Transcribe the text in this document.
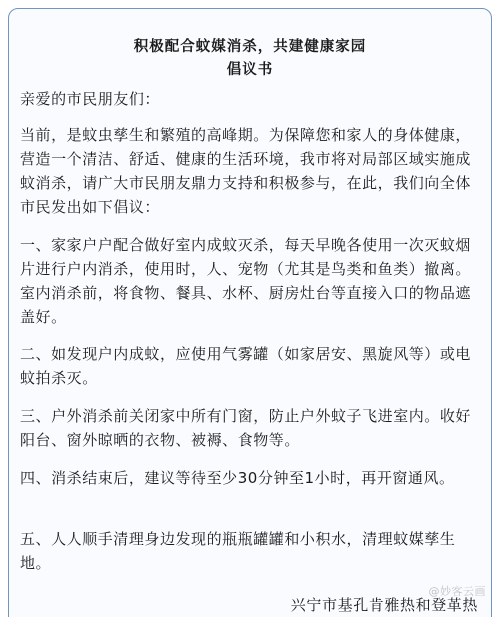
积极配合蚊媒消杀，共建健康家园
倡议书

亲爱的市民朋友们：

当前，是蚊虫孳生和繁殖的高峰期。为保障您和家人的身体健康，营造一个清洁、舒适、健康的生活环境，我市将对局部区域实施成蚊消杀，请广大市民朋友鼎力支持和积极参与，在此，我们向全体市民发出如下倡议：

一、家家户户配合做好室内成蚊灭杀，每天早晚各使用一次灭蚊烟片进行户内消杀，使用时，人、宠物（尤其是鸟类和鱼类）撤离。室内消杀前，将食物、餐具、水杯、厨房灶台等直接入口的物品遮盖好。

二、如发现户内成蚊，应使用气雾罐（如家居安、黑旋风等）或电蚊拍杀灭。

三、户外消杀前关闭家中所有门窗，防止户外蚊子飞进室内。收好阳台、窗外晾晒的衣物、被褥、食物等。

四、消杀结束后，建议等待至少30分钟至1小时，再开窗通风。

五、人人顺手清理身边发现的瓶瓶罐罐和小积水，清理蚊媒孳生地。

@妙客云画
兴宁市基孔肯雅热和登革热
